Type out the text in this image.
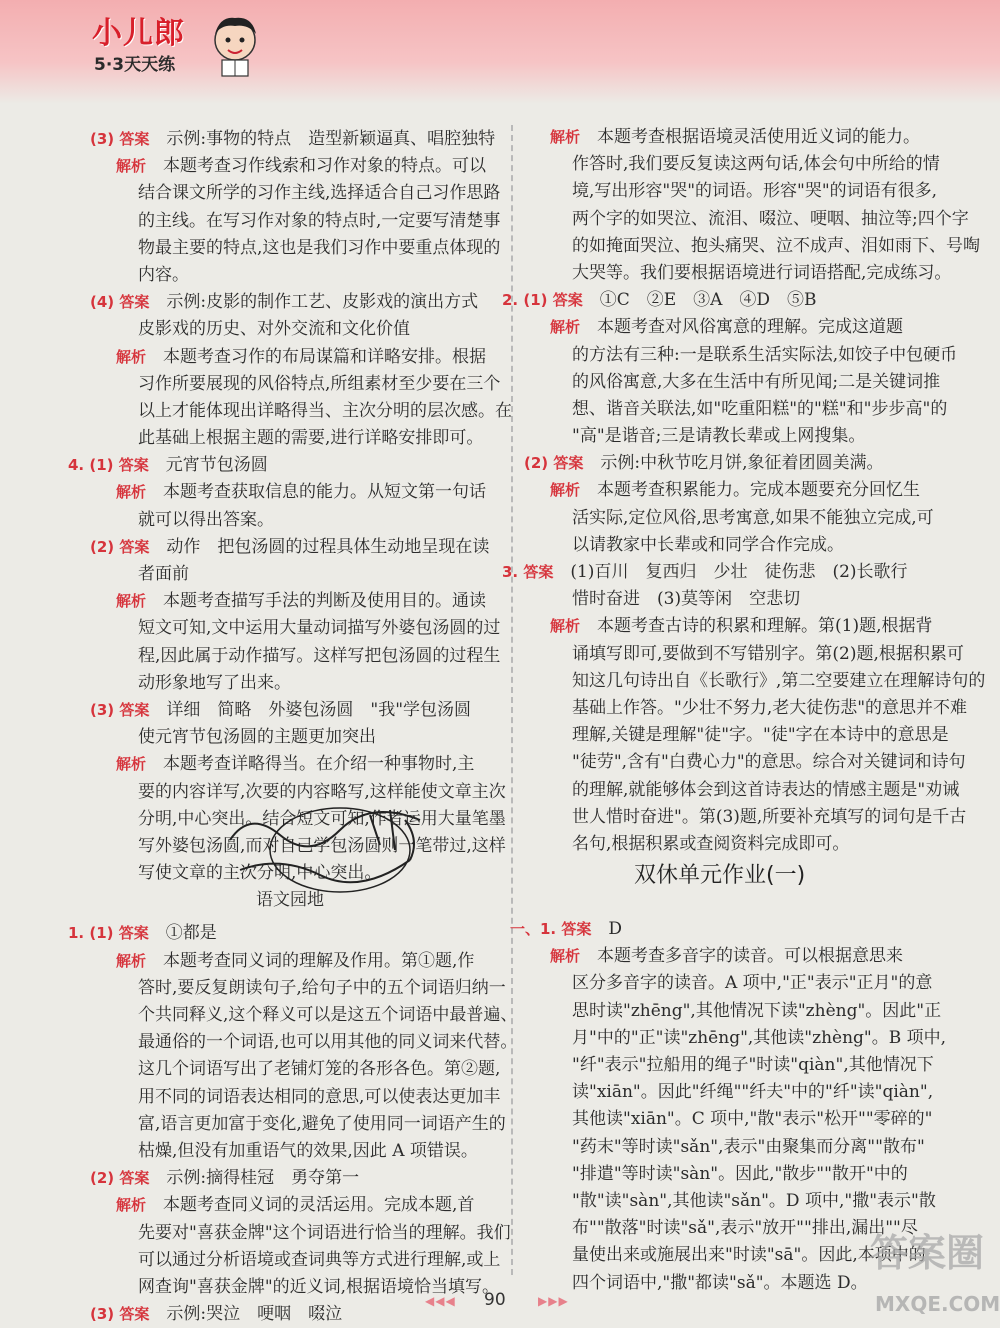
小儿郎
5·3天天练
(3) 答案　示例:事物的特点　造型新颖逼真、唱腔独特
解析　本题考查习作线索和习作对象的特点。可以
结合课文所学的习作主线,选择适合自己习作思路
的主线。在写习作对象的特点时,一定要写清楚事
物最主要的特点,这也是我们习作中要重点体现的
内容。
(4) 答案　示例:皮影的制作工艺、皮影戏的演出方式
皮影戏的历史、对外交流和文化价值
解析　本题考查习作的布局谋篇和详略安排。根据
习作所要展现的风俗特点,所组素材至少要在三个
以上才能体现出详略得当、主次分明的层次感。在
此基础上根据主题的需要,进行详略安排即可。
4. (1) 答案　元宵节包汤圆
解析　本题考查获取信息的能力。从短文第一句话
就可以得出答案。
(2) 答案　动作　把包汤圆的过程具体生动地呈现在读
者面前
解析　本题考查描写手法的判断及使用目的。通读
短文可知,文中运用大量动词描写外婆包汤圆的过
程,因此属于动作描写。这样写把包汤圆的过程生
动形象地写了出来。
(3) 答案　详细　简略　外婆包汤圆　"我"学包汤圆
使元宵节包汤圆的主题更加突出
解析　本题考查详略得当。在介绍一种事物时,主
要的内容详写,次要的内容略写,这样能使文章主次
分明,中心突出。结合短文可知,作者运用大量笔墨
写外婆包汤圆,而对自己学包汤圆则一笔带过,这样
写使文章的主次分明,中心突出。
语文园地
1. (1) 答案　①都是
解析　本题考查同义词的理解及作用。第①题,作
答时,要反复朗读句子,给句子中的五个词语归纳一
个共同释义,这个释义可以是这五个词语中最普遍、
最通俗的一个词语,也可以用其他的同义词来代替。
这几个词语写出了老铺灯笼的各形各色。第②题,
用不同的词语表达相同的意思,可以使表达更加丰
富,语言更加富于变化,避免了使用同一词语产生的
枯燥,但没有加重语气的效果,因此 A 项错误。
(2) 答案　示例:摘得桂冠　勇夺第一
解析　本题考查同义词的灵活运用。完成本题,首
先要对"喜获金牌"这个词语进行恰当的理解。我们
可以通过分析语境或查词典等方式进行理解,或上
网查询"喜获金牌"的近义词,根据语境恰当填写。
(3) 答案　示例:哭泣　哽咽　啜泣
解析　本题考查根据语境灵活使用近义词的能力。
作答时,我们要反复读这两句话,体会句中所给的情
境,写出形容"哭"的词语。形容"哭"的词语有很多,
两个字的如哭泣、流泪、啜泣、哽咽、抽泣等;四个字
的如掩面哭泣、抱头痛哭、泣不成声、泪如雨下、号啕
大哭等。我们要根据语境进行词语搭配,完成练习。
2. (1) 答案　①C　②E　③A　④D　⑤B
解析　本题考查对风俗寓意的理解。完成这道题
的方法有三种:一是联系生活实际法,如饺子中包硬币
的风俗寓意,大多在生活中有所见闻;二是关键词推
想、谐音关联法,如"吃重阳糕"的"糕"和"步步高"的
"高"是谐音;三是请教长辈或上网搜集。
(2) 答案　示例:中秋节吃月饼,象征着团圆美满。
解析　本题考查积累能力。完成本题要充分回忆生
活实际,定位风俗,思考寓意,如果不能独立完成,可
以请教家中长辈或和同学合作完成。
3. 答案　(1)百川　复西归　少壮　徒伤悲　(2)长歌行
惜时奋进　(3)莫等闲　空悲切
解析　本题考查古诗的积累和理解。第(1)题,根据背
诵填写即可,要做到不写错别字。第(2)题,根据积累可
知这几句诗出自《长歌行》,第二空要建立在理解诗句的
基础上作答。"少壮不努力,老大徒伤悲"的意思并不难
理解,关键是理解"徒"字。"徒"字在本诗中的意思是
"徒劳",含有"白费心力"的意思。综合对关键词和诗句
的理解,就能够体会到这首诗表达的情感主题是"劝诫
世人惜时奋进"。第(3)题,所要补充填写的词句是千古
名句,根据积累或查阅资料完成即可。
一、1. 答案　D
解析　本题考查多音字的读音。可以根据意思来
区分多音字的读音。A 项中,"正"表示"正月"的意
思时读"zhēng",其他情况下读"zhèng"。因此"正
月"中的"正"读"zhēng",其他读"zhèng"。B 项中,
"纤"表示"拉船用的绳子"时读"qiàn",其他情况下
读"xiān"。因此"纤绳""纤夫"中的"纤"读"qiàn",
其他读"xiān"。C 项中,"散"表示"松开""零碎的"
"药末"等时读"sǎn",表示"由聚集而分离""散布"
"排遣"等时读"sàn"。因此,"散步""散开"中的
"散"读"sàn",其他读"sǎn"。D 项中,"撒"表示"散
布""散落"时读"sǎ",表示"放开""排出,漏出""尽
量使出来或施展出来"时读"sā"。因此,本项中的
四个词语中,"撒"都读"sǎ"。本题选 D。
双休单元作业(一)
◀◀◀ 90	▶▶▶
答案圈
MXQE.COM
